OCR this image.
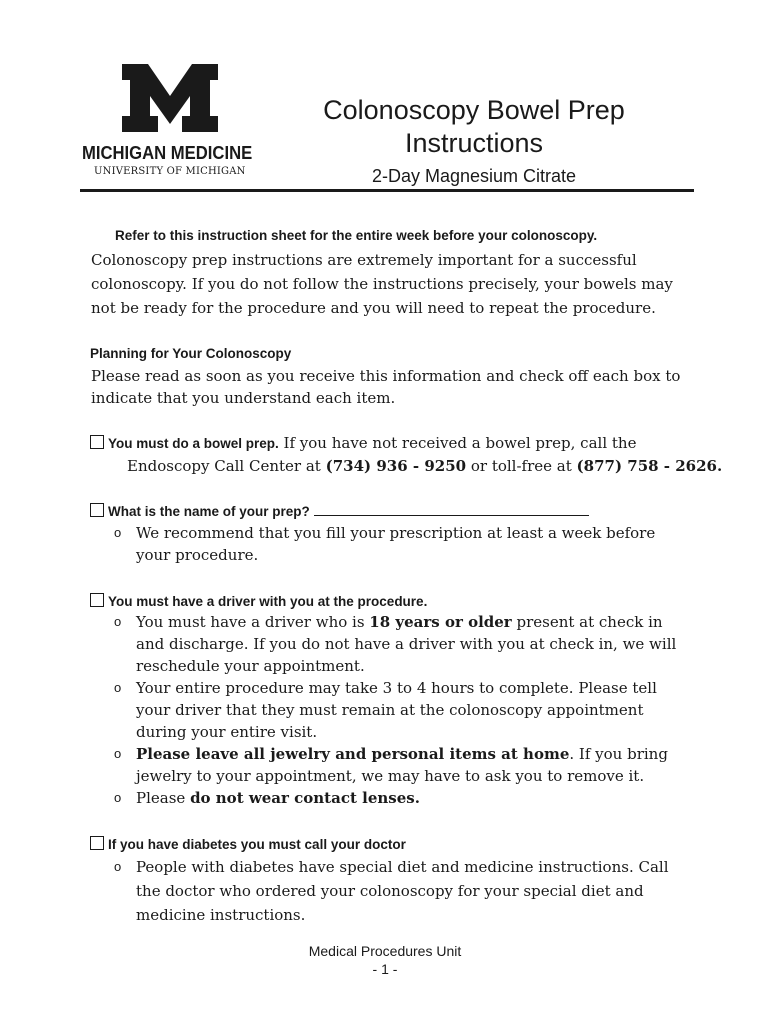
MICHIGAN MEDICINE
UNIVERSITY OF MICHIGAN
Colonoscopy Bowel Prep
Instructions
2-Day Magnesium Citrate
Refer to this instruction sheet for the entire week before your colonoscopy.
Colonoscopy prep instructions are extremely important for a successful
colonoscopy. If you do not follow the instructions precisely, your bowels may
not be ready for the procedure and you will need to repeat the procedure.
Planning for Your Colonoscopy
Please read as soon as you receive this information and check off each box to
indicate that you understand each item.
You must do a bowel prep. If you have not received a bowel prep, call the
Endoscopy Call Center at (734) 936 - 9250 or toll-free at (877) 758 - 2626.
What is the name of your prep?
o We recommend that you fill your prescription at least a week before your procedure.
You must have a driver with you at the procedure.
o You must have a driver who is 18 years or older present at check in and discharge. If you do not have a driver with you at check in, we will reschedule your appointment.
o Your entire procedure may take 3 to 4 hours to complete. Please tell your driver that they must remain at the colonoscopy appointment during your entire visit.
o Please leave all jewelry and personal items at home. If you bring jewelry to your appointment, we may have to ask you to remove it.
o Please do not wear contact lenses.
If you have diabetes you must call your doctor
o People with diabetes have special diet and medicine instructions. Call the doctor who ordered your colonoscopy for your special diet and medicine instructions.
Medical Procedures Unit
- 1 -
